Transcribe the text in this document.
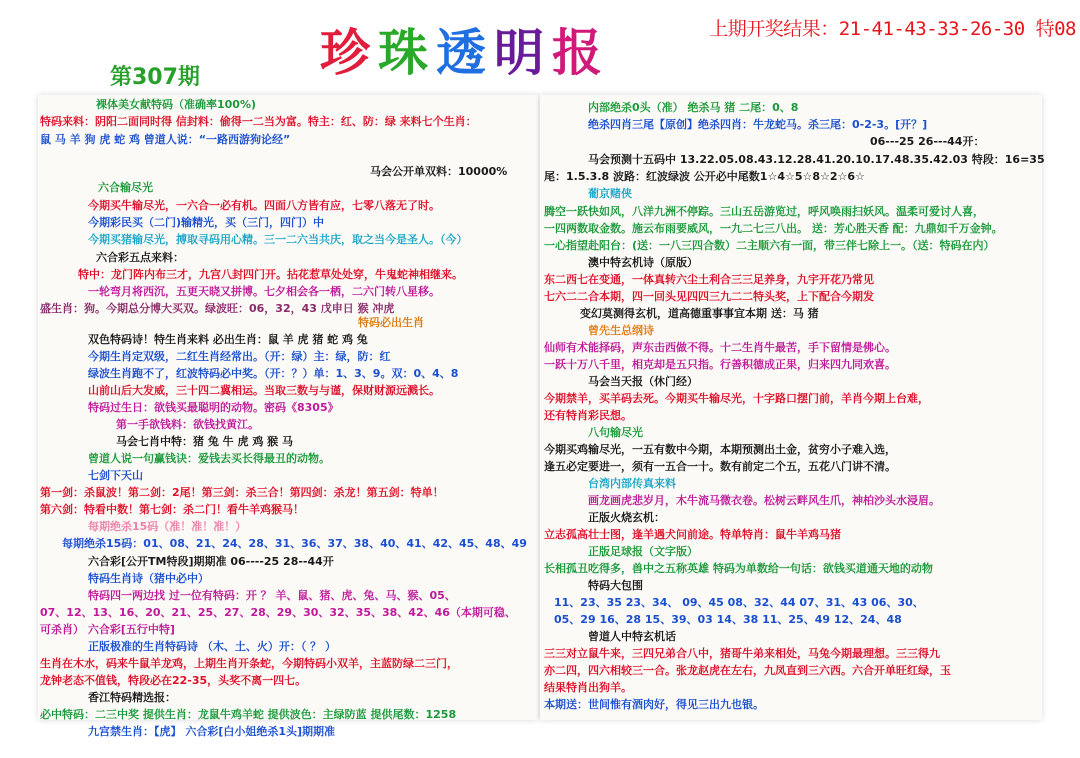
上期开奖结果：21-41-43-33-26-30 特08
第307期 珍 珠 透 明 报
裸体美女献特码（准确率100%)
特码来料：阴阳二面同时得 信封料：偷得一二当为富。特主：红、防：绿 来料七个生肖：
鼠 马 羊 狗 虎 蛇 鸡 曾道人说：“一路西游狗论经”
马会公开单双料：10000%
六合输尽光
今期买牛输尽光，一六合一必有机。四面八方皆有应，七零八落无了时。
今期彩民买（二门)输精光，买（三门，四门）中
今期买猪输尽光，搏取寻码用心精。三一二六当共庆，取之当今是圣人。（今）
六合彩五点来料：
特中：龙门阵内布三才，九宫八封四门开。拈花惹草处处穿，牛鬼蛇神相继来。
一轮弯月将西沉，五更天晓又拼博。七夕相会各一栖，二六门转八星移。
盛生肖：狗。今期总分博大买双。绿波旺：06，32，43 戊申日 猴 冲虎
特码必出生肖
双色特码诗！特生肖来料 必出生肖：鼠 羊 虎 猪 蛇 鸡 兔
今期生肖定双级，二红生肖经常出。（开：绿）主：绿，防：红
绿波生肖跑不了，红波特码必中奖。（开：？）单：1、3、9。双：0、4、8
山前山后大发威，三十四二冀相运。当取三数与与谨，保财财源远溅长。
特码过生日：欲钱买最聪明的动物。密码《8305》
第一手欲钱料：欲钱找黄江。
马会七肖中特：猪 兔 牛 虎 鸡 猴 马
曾道人说一句赢钱诀：爱钱去买长得最丑的动物。
七剑下天山
第一剑：杀鼠波！第二剑：2尾！第三剑：杀三合！第四剑：杀龙！第五剑：特单！
第六剑：特看中数！第七剑：杀二门！看牛羊鸡猴马！
每期绝杀15码（准！准！准！）
每期绝杀15码：01、08、21、24、28、31、36、37、38、40、41、42、45、48、49
六合彩[公开TM特段]期期准 06----25 28--44开
特码生肖诗（猪中必中）
特码四一两边找 过一位有特码：开 ？ 羊、鼠、猪、虎、兔、马、猴、05、
07、12、13、16、20、21、25、27、28、29、30、32、35、38、42、46（本期可稳、
可杀肖） 六合彩[五行中特]
正版极准的生肖特码诗 （木、土、火）开：（ ？ ）
生肖在木水，码来牛鼠羊龙鸡，上期生肖开条蛇，今期特码小双羊，主蓝防绿二三门，
龙钟老态不值钱，特段必在22-35，头奖不离一四七。
香江特码精选报：
必中特码：二三中奖 提供生肖：龙鼠牛鸡羊蛇 提供波色：主绿防蓝 提供尾数：1258
九宫禁生肖：【虎】 六合彩[白小姐绝杀1头]期期准
内部绝杀0头（准） 绝杀马 猪 二尾：0、8
绝杀四肖三尾【原创】绝杀四肖：牛龙蛇马。杀三尾：0-2-3。[开？]
06---25 26---44开：
马会预测十五码中 13.22.05.08.43.12.28.41.20.10.17.48.35.42.03 特段：16=35
尾：1.5.3.8 波路：红波绿波 公开必中尾数1☆4☆5☆8☆2☆6☆
葡京赌侠
腾空一跃快如风，八洋九洲不停踪。三山五岳游览过，呼风唤雨扫妖风。温柔可爱讨人喜，
一四两数取金数。施云布雨要威风，一九二七三八出。 送：芳心胜天香 配：九鼎如千万金钟。
一心指望赴阳台：(送：一八三四合数）二主顺六有一面，带三伴七除上一。（送：特码在内）
澳中特玄机诗（原版）
东二西七在变通，一体真转六尘土利合三三足养身，九宇开花乃常见
七六二二合本期，四一回头见四四三九二二特头奖，上下配合今期发
变幻莫测得玄机，道高德重事事宜本期 送：马 猪
曾先生总纲诗
仙师有术能择码，声东击西做不得。十二生肖牛最苦，手下留情是佛心。
一跃十万八千里，相克却是五只指。行善积德成正果，归来四九同欢喜。
马会当天报（休门经）
今期禁羊，买羊码去死。今期买牛输尽光，十字路口摆门前，羊肖今期上台难，
还有特肖彩民想。
八句输尽光
今期买鸡输尽光，一五有数中今期，本期预测出土金，贫穷小子难入选，
逢五必定要进一，须有一五合一十。数有前定二个五，五花八门讲不清。
台湾内部传真来料
画龙画虎悲岁月，木牛流马微衣卷。松树云畔风生爪，神柏沙头水浸眉。
正版火烧玄机：
立志孤高壮士图，逢羊遇犬问前途。特单特肖：鼠牛羊鸡马猪
正版足球报（文字版）
长相孤丑吃得多，兽中之五称英雄 特码为单数给一句话：欲钱买道通天地的动物
特码大包围
11、23、35 23、34、 09、45 08、32、44 07、31、43 06、30、
05、29 16、28 15、39、03 14、38 11、25、49 12、24、48
曾道人中特玄机话
三三对立鼠牛来，三四兄弟合八中，猪哥牛弟来相处，马兔今期最理想。三三得九
亦二四，四六相较三一合。张龙赵虎在左右，九凤直到三六西。六合开单旺红绿，玉
结果特肖出狗羊。
本期送：世间惟有酒肉好，得见三出九也银。
